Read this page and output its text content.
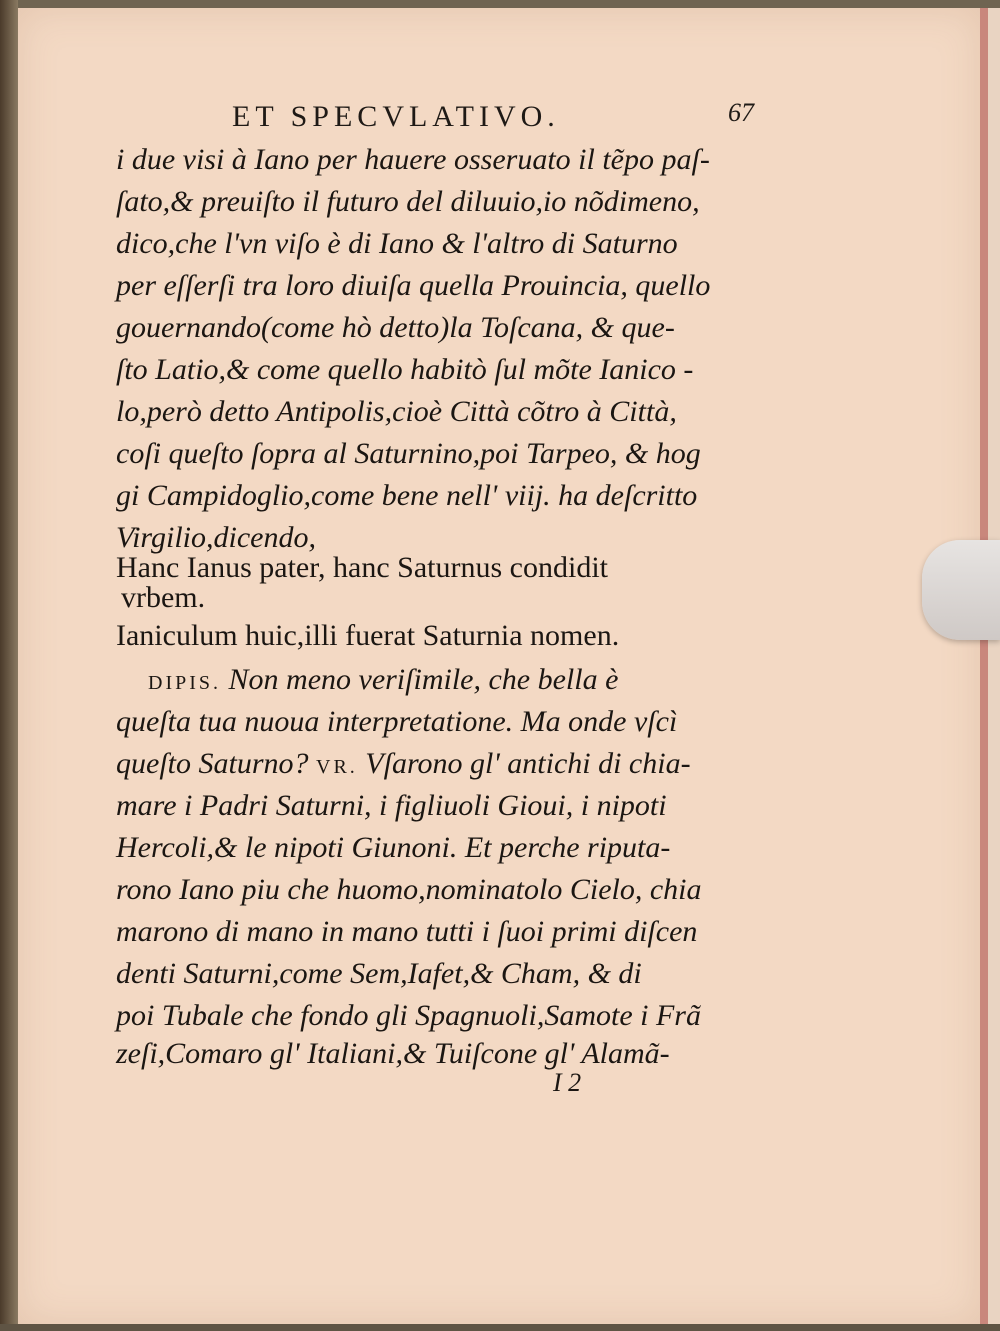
ET SPECVLATIVO.	67
i due visi à Iano per hauere osseruato il tẽpo paſ-
ſato,& preuiſto il futuro del diluuio,io nõdimeno,
dico,che l'vn viſo è di Iano & l'altro di Saturno
per eſſerſi tra loro diuiſa quella Prouincia, quello
gouernando(come hò detto)la Toſcana, & que-
ſto Latio,& come quello habitò ſul mõte Ianico -
lo,però detto Antipolis,cioè Città cõtro à Città,
coſi queſto ſopra al Saturnino,poi Tarpeo, & hog
gi Campidoglio,come bene nell' viij. ha deſcritto
Virgilio,dicendo,
Hanc Ianus pater, hanc Saturnus condidit
vrbem.
Ianiculum huic,illi fuerat Saturnia nomen.
DIPIS. Non meno veriſimile, che bella è
queſta tua nuoua interpretatione. Ma onde vſcì
queſto Saturno? VR. Vſarono gl' antichi di chia-
mare i Padri Saturni, i figliuoli Gioui, i nipoti
Hercoli,& le nipoti Giunoni. Et perche riputa-
rono Iano piu che huomo,nominatolo Cielo, chia
marono di mano in mano tutti i ſuoi primi diſcen
denti Saturni,come Sem,Iafet,& Cham, & di
poi Tubale che fondo gli Spagnuoli,Samote i Frã
zeſi,Comaro gl' Italiani,& Tuiſcone gl' Alamã-
I 2
